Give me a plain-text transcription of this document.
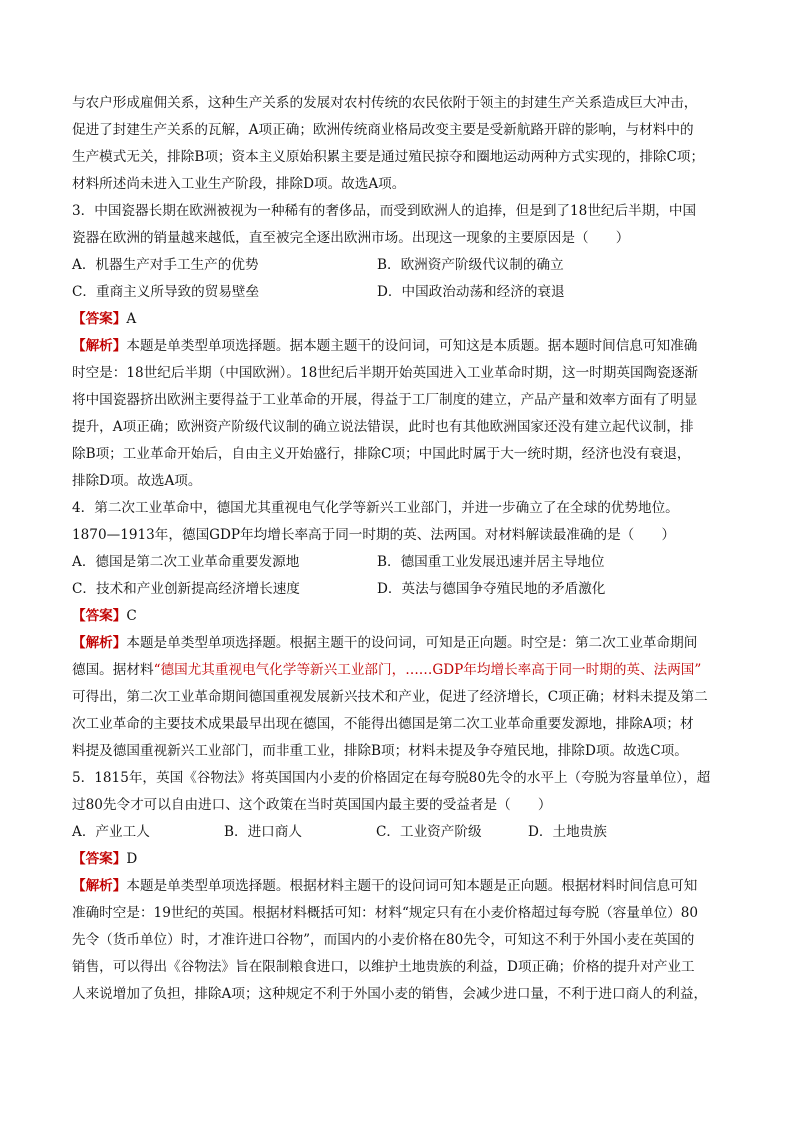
与农户形成雇佣关系，这种生产关系的发展对农村传统的农民依附于领主的封建生产关系造成巨大冲击，
促进了封建生产关系的瓦解，A项正确；欧洲传统商业格局改变主要是受新航路开辟的影响，与材料中的
生产模式无关，排除B项；资本主义原始积累主要是通过殖民掠夺和圈地运动两种方式实现的，排除C项；
材料所述尚未进入工业生产阶段，排除D项。故选A项。
3．中国瓷器长期在欧洲被视为一种稀有的奢侈品，而受到欧洲人的追捧，但是到了18世纪后半期，中国
瓷器在欧洲的销量越来越低，直至被完全逐出欧洲市场。出现这一现象的主要原因是（　　）
A．机器生产对手工生产的优势	B．欧洲资产阶级代议制的确立
C．重商主义所导致的贸易壁垒	D．中国政治动荡和经济的衰退
【答案】A
【解析】本题是单类型单项选择题。据本题主题干的设问词，可知这是本质题。据本题时间信息可知准确
时空是：18世纪后半期（中国欧洲）。18世纪后半期开始英国进入工业革命时期，这一时期英国陶瓷逐渐
将中国瓷器挤出欧洲主要得益于工业革命的开展，得益于工厂制度的建立，产品产量和效率方面有了明显
提升，A项正确；欧洲资产阶级代议制的确立说法错误，此时也有其他欧洲国家还没有建立起代议制，排
除B项；工业革命开始后，自由主义开始盛行，排除C项；中国此时属于大一统时期，经济也没有衰退，
排除D项。故选A项。
4．第二次工业革命中，德国尤其重视电气化学等新兴工业部门，并进一步确立了在全球的优势地位。
1870—1913年，德国GDP年均增长率高于同一时期的英、法两国。对材料解读最准确的是（　　）
A．德国是第二次工业革命重要发源地	B．德国重工业发展迅速并居主导地位
C．技术和产业创新提高经济增长速度	D．英法与德国争夺殖民地的矛盾激化
【答案】C
【解析】本题是单类型单项选择题。根据主题干的设问词，可知是正向题。时空是：第二次工业革命期间
德国。据材料“德国尤其重视电气化学等新兴工业部门，……GDP年均增长率高于同一时期的英、法两国”
可得出，第二次工业革命期间德国重视发展新兴技术和产业，促进了经济增长，C项正确；材料未提及第二
次工业革命的主要技术成果最早出现在德国，不能得出德国是第二次工业革命重要发源地，排除A项；材
料提及德国重视新兴工业部门，而非重工业，排除B项；材料未提及争夺殖民地，排除D项。故选C项。
5．1815年，英国《谷物法》将英国国内小麦的价格固定在每夸脱80先令的水平上（夸脱为容量单位），超
过80先令才可以自由进口、这个政策在当时英国国内最主要的受益者是（　　）
A．产业工人	B．进口商人	C．工业资产阶级	D．土地贵族
【答案】D
【解析】本题是单类型单项选择题。根据材料主题干的设问词可知本题是正向题。根据材料时间信息可知
准确时空是：19世纪的英国。根据材料概括可知：材料“规定只有在小麦价格超过每夸脱（容量单位）80
先令（货币单位）时，才准许进口谷物”，而国内的小麦价格在80先令，可知这不利于外国小麦在英国的
销售，可以得出《谷物法》旨在限制粮食进口，以维护土地贵族的利益，D项正确；价格的提升对产业工
人来说增加了负担，排除A项；这种规定不利于外国小麦的销售，会减少进口量，不利于进口商人的利益，
